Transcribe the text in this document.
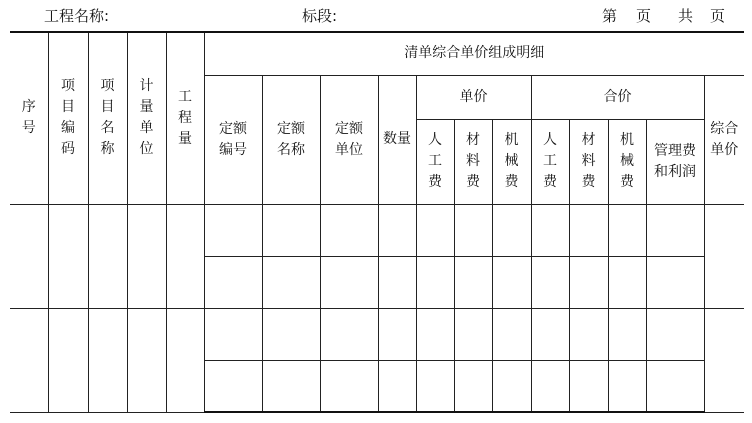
工程名称:	标段:	第 页 共 页
序号	项目编码	项目名称	计量单位	工程量	清单综合单价组成明细											
					定额编号	定额名称	定额单位	数量	单价			合价				综合单价
									人工费	材料费	机械费	人工费	材料费	机械费	管理费和利润	
